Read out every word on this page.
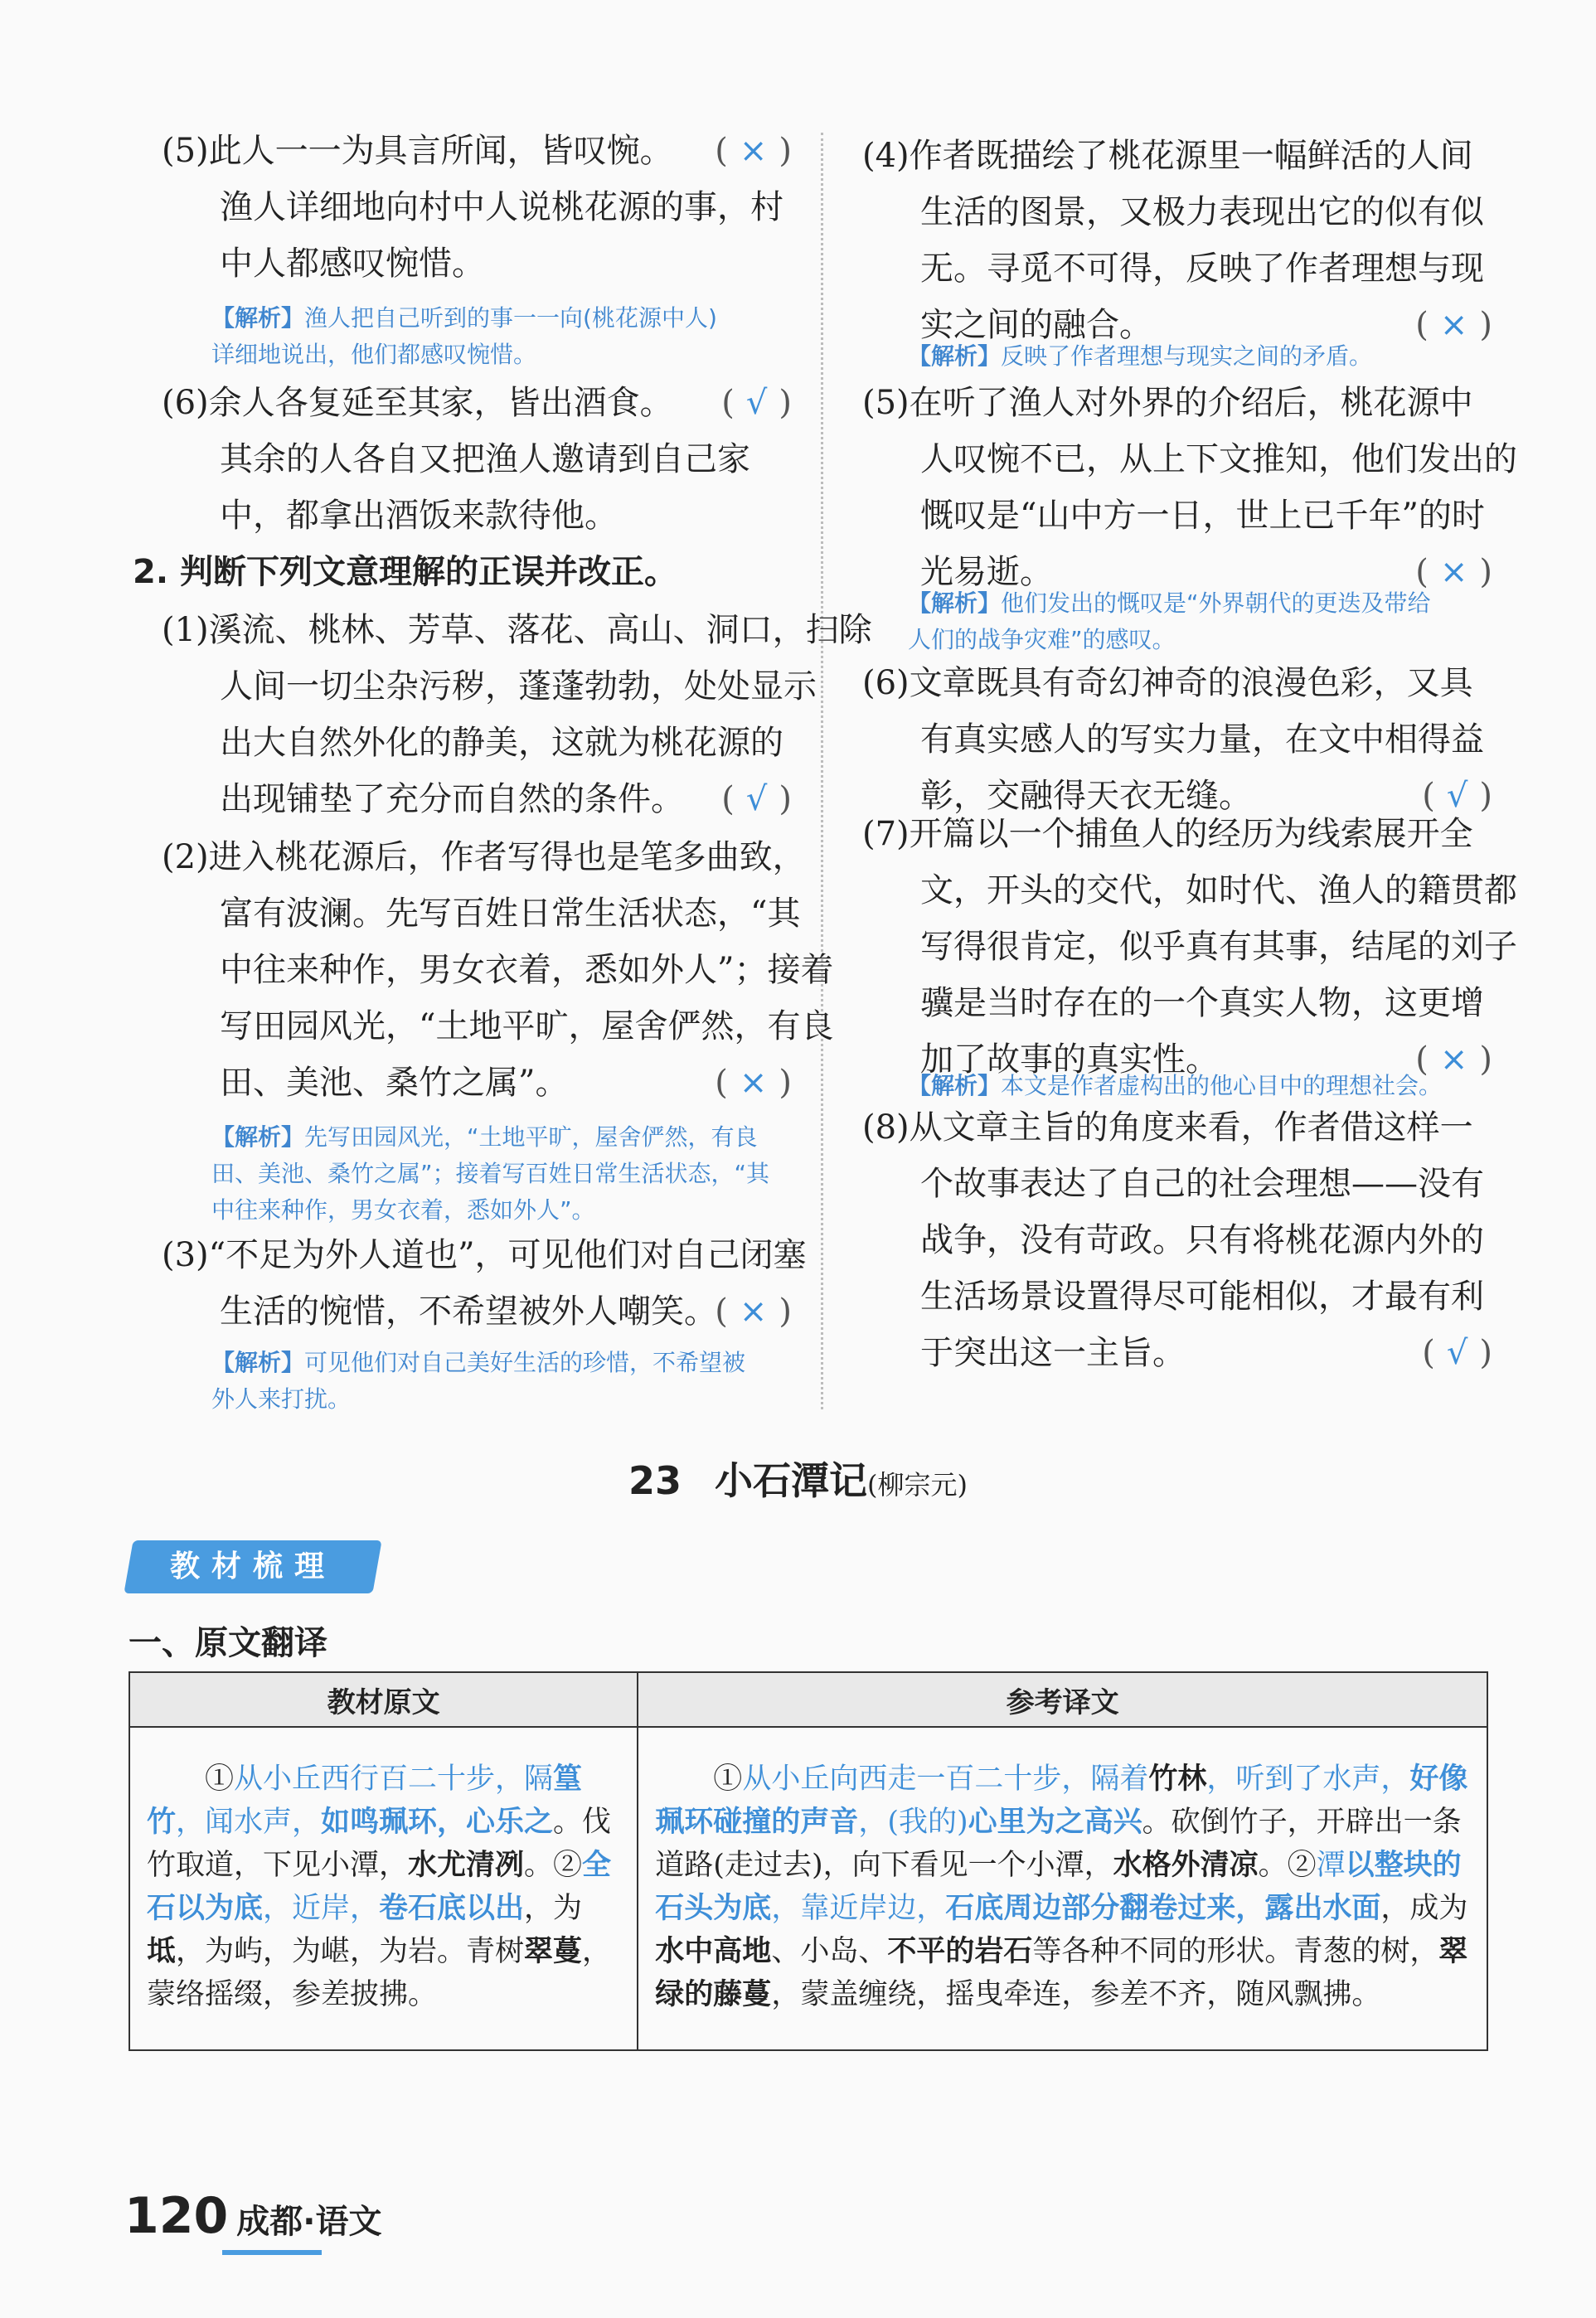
(5)此人一一为具言所闻，皆叹惋。	( × )
渔人详细地向村中人说桃花源的事，村
中人都感叹惋惜。
【解析】渔人把自己听到的事一一向(桃花源中人)
详细地说出，他们都感叹惋惜。
(6)余人各复延至其家，皆出酒食。	( √ )
其余的人各自又把渔人邀请到自己家
中，都拿出酒饭来款待他。
2. 判断下列文意理解的正误并改正。
(1)溪流、桃林、芳草、落花、高山、洞口，扫除
人间一切尘杂污秽，蓬蓬勃勃，处处显示
出大自然外化的静美，这就为桃花源的
出现铺垫了充分而自然的条件。	( √ )
(2)进入桃花源后，作者写得也是笔多曲致，
富有波澜。先写百姓日常生活状态，“其
中往来种作，男女衣着，悉如外人”；接着
写田园风光，“土地平旷，屋舍俨然，有良
田、美池、桑竹之属”。	( × )
【解析】先写田园风光，“土地平旷，屋舍俨然，有良
田、美池、桑竹之属”；接着写百姓日常生活状态，“其
中往来种作，男女衣着，悉如外人”。
(3)“不足为外人道也”，可见他们对自己闭塞
生活的惋惜，不希望被外人嘲笑。
( × )
【解析】可见他们对自己美好生活的珍惜，不希望被
外人来打扰。
(4)作者既描绘了桃花源里一幅鲜活的人间
生活的图景，又极力表现出它的似有似
无。寻觅不可得，反映了作者理想与现
实之间的融合。	( × )
【解析】反映了作者理想与现实之间的矛盾。
(5)在听了渔人对外界的介绍后，桃花源中
人叹惋不已，从上下文推知，他们发出的
慨叹是“山中方一日，世上已千年”的时
光易逝。	( × )
【解析】他们发出的慨叹是“外界朝代的更迭及带给
人们的战争灾难”的感叹。
(6)文章既具有奇幻神奇的浪漫色彩，又具
有真实感人的写实力量，在文中相得益
彰，交融得天衣无缝。	( √ )
(7)开篇以一个捕鱼人的经历为线索展开全
文，开头的交代，如时代、渔人的籍贯都
写得很肯定，似乎真有其事，结尾的刘子
骥是当时存在的一个真实人物，这更增
加了故事的真实性。	( × )
【解析】本文是作者虚构出的他心目中的理想社会。
(8)从文章主旨的角度来看，作者借这样一
个故事表达了自己的社会理想——没有
战争，没有苛政。只有将桃花源内外的
生活场景设置得尽可能相似，才最有利
于突出这一主旨。	( √ )
23 小石潭记(柳宗元)
教材梳理
一、原文翻译
教材原文	参考译文
①从小丘西行百二十步，隔篁竹，闻水声，如鸣珮环，心乐之。伐竹取道，下见小潭，水尤清冽。②全石以为底，近岸，卷石底以出，为坻，为屿，为嵁，为岩。青树翠蔓，蒙络摇缀，参差披拂。	①从小丘向西走一百二十步，隔着竹林，听到了水声，好像珮环碰撞的声音，(我的)心里为之高兴。砍倒竹子，开辟出一条道路(走过去)，向下看见一个小潭，水格外清凉。②潭以整块的石头为底，靠近岸边，石底周边部分翻卷过来，露出水面，成为水中高地、小岛、不平的岩石等各种不同的形状。青葱的树，翠绿的藤蔓，蒙盖缠绕，摇曳牵连，参差不齐，随风飘拂。
120 成都·语文
